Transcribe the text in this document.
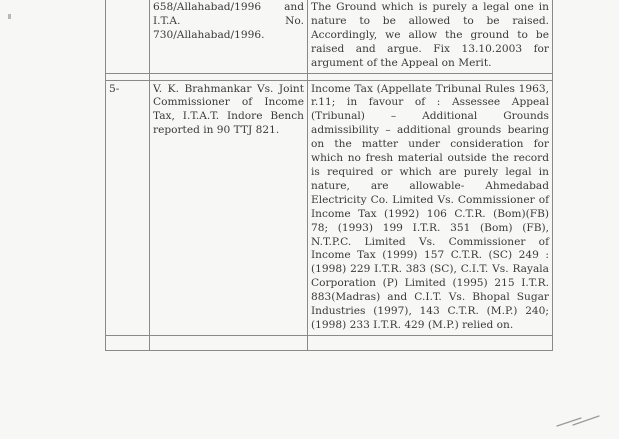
	658/Allahabad/1996 and I.T.A. No. 730/Allahabad/1996.	The Ground which is purely a legal one in nature to be allowed to be raised. Accordingly, we allow the ground to be raised and argue. Fix 13.10.2003 for argument of the Appeal on Merit.

5-	V. K. Brahmankar Vs. Joint Commissioner of Income Tax, I.T.A.T. Indore Bench reported in 90 TTJ 821.	Income Tax (Appellate Tribunal Rules 1963, r.11; in favour of : Assessee Appeal (Tribunal) – Additional Grounds admissibility – additional grounds bearing on the matter under consideration for which no fresh material outside the record is required or which are purely legal in nature, are allowable- Ahmedabad Electricity Co. Limited Vs. Commissioner of Income Tax (1992) 106 C.T.R. (Bom)(FB) 78; (1993) 199 I.T.R. 351 (Bom) (FB), N.T.P.C. Limited Vs. Commissioner of Income Tax (1999) 157 C.T.R. (SC) 249 : (1998) 229 I.T.R. 383 (SC), C.I.T. Vs. Rayala Corporation (P) Limited (1995) 215 I.T.R. 883(Madras) and C.I.T. Vs. Bhopal Sugar Industries (1997), 143 C.T.R. (M.P.) 240; (1998) 233 I.T.R. 429 (M.P.) relied on.
